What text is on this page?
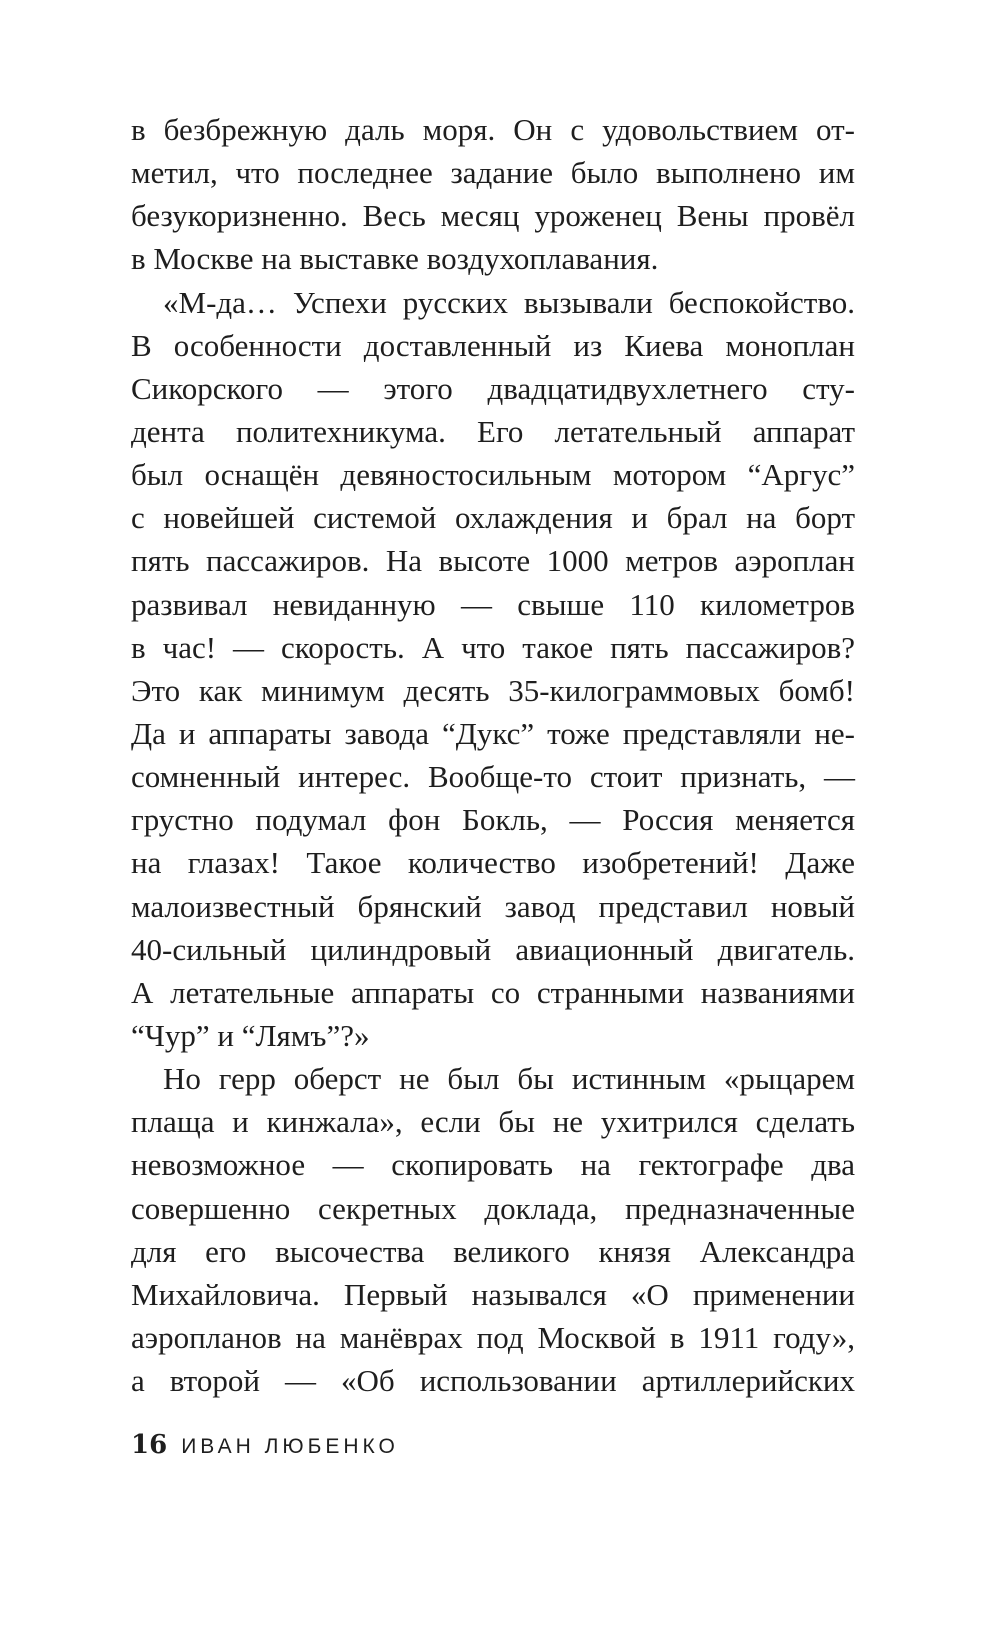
в безбрежную даль моря. Он с удовольствием от-
метил, что последнее задание было выполнено им
безукоризненно. Весь месяц уроженец Вены провёл
в Москве на выставке воздухоплавания.
«М-да… Успехи русских вызывали беспокойство.
В особенности доставленный из Киева моноплан
Сикорского — этого двадцатидвухлетнего сту-
дента политехникума. Его летательный аппарат
был оснащён девяностосильным мотором “Аргус”
с новейшей системой охлаждения и брал на борт
пять пассажиров. На высоте 1000 метров аэроплан
развивал невиданную — свыше 110 километров
в час! — скорость. А что такое пять пассажиров?
Это как минимум десять 35-килограммовых бомб!
Да и аппараты завода “Дукс” тоже представляли не-
сомненный интерес. Вообще-то стоит признать, —
грустно подумал фон Бокль, — Россия меняется
на глазах! Такое количество изобретений! Даже
малоизвестный брянский завод представил новый
40-сильный цилиндровый авиационный двигатель.
А летательные аппараты со странными названиями
“Чур” и “Лямъ”?»
Но герр оберст не был бы истинным «рыцарем
плаща и кинжала», если бы не ухитрился сделать
невозможное — скопировать на гектографе два
совершенно секретных доклада, предназначенные
для его высочества великого князя Александра
Михайловича. Первый назывался «О применении
аэропланов на манёврах под Москвой в 1911 году»,
а второй — «Об использовании артиллерийских
16 ИВАН ЛЮБЕНКО
